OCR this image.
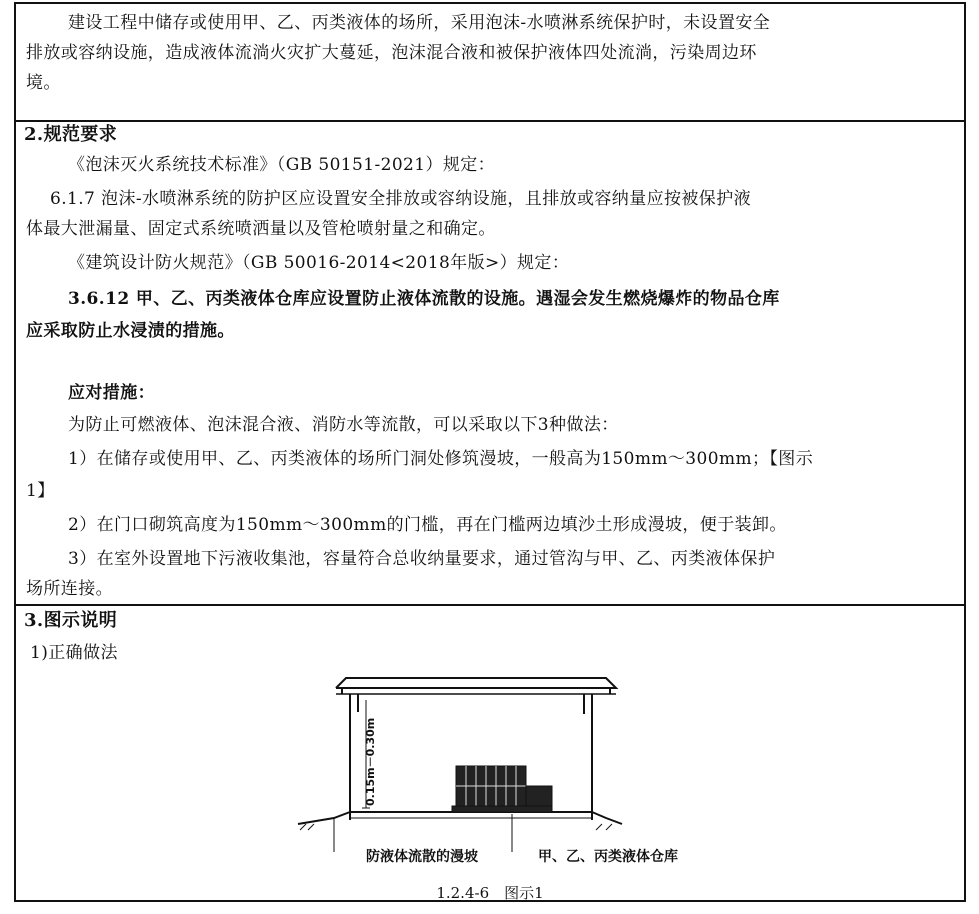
建设工程中储存或使用甲、乙、丙类液体的场所，采用泡沫-水喷淋系统保护时，未设置安全
排放或容纳设施，造成液体流淌火灾扩大蔓延，泡沫混合液和被保护液体四处流淌，污染周边环
境。
2.规范要求
《泡沫灭火系统技术标准》（GB 50151-2021）规定：
6.1.7 泡沫-水喷淋系统的防护区应设置安全排放或容纳设施，且排放或容纳量应按被保护液
体最大泄漏量、固定式系统喷洒量以及管枪喷射量之和确定。
《建筑设计防火规范》（GB 50016-2014<2018年版>）规定：
3.6.12 甲、乙、丙类液体仓库应设置防止液体流散的设施。遇湿会发生燃烧爆炸的物品仓库
应采取防止水浸渍的措施。
应对措施：
为防止可燃液体、泡沫混合液、消防水等流散，可以采取以下3种做法：
1）在储存或使用甲、乙、丙类液体的场所门洞处修筑漫坡，一般高为150mm～300mm；【图示
1】
2）在门口砌筑高度为150mm～300mm的门槛，再在门槛两边填沙土形成漫坡，便于装卸。
3）在室外设置地下污液收集池，容量符合总收纳量要求，通过管沟与甲、乙、丙类液体保护
场所连接。
3.图示说明
1)正确做法
0.15m－0.30m
防液体流散的漫坡	甲、乙、丙类液体仓库
1.2.4-6　图示1
